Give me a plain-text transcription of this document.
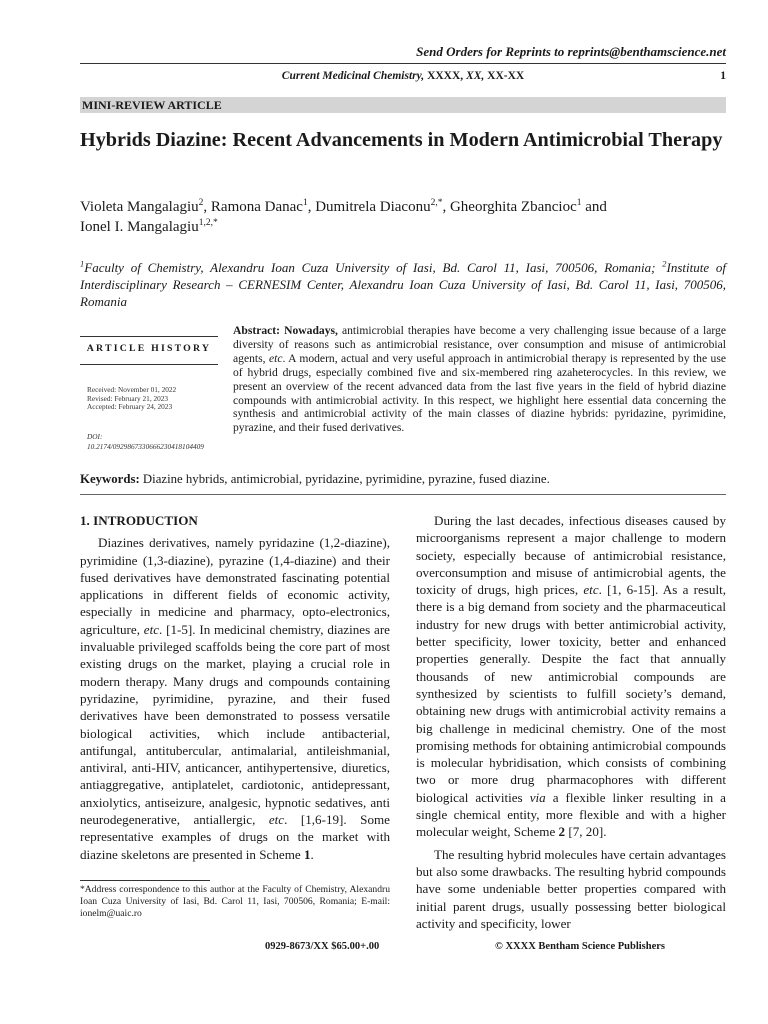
Send Orders for Reprints to reprints@benthamscience.net
Current Medicinal Chemistry, XXXX, XX, XX-XX	1
MINI-REVIEW ARTICLE
Hybrids Diazine: Recent Advancements in Modern Antimicrobial Therapy
Violeta Mangalagiu$^2$, Ramona Danac$^1$, Dumitrela Diaconu$^{2,*}$, Gheorghita Zbancioc$^1$ and
Ionel I. Mangalagiu$^{1,2,*}$
$^1$Faculty of Chemistry, Alexandru Ioan Cuza University of Iasi, Bd. Carol 11, Iasi, 700506, Romania; $^2$Institute of Interdisciplinary Research – CERNESIM Center, Alexandru Ioan Cuza University of Iasi, Bd. Carol 11, Iasi, 700506, Romania
ARTICLE HISTORY
Received: November 01, 2022
Revised: February 21, 2023
Accepted: February 24, 2023
DOI:
10.2174/0929867330666230418104409
Abstract: Nowadays, antimicrobial therapies have become a very challenging issue because of a large diversity of reasons such as antimicrobial resistance, over consumption and misuse of antimicrobial agents, etc. A modern, actual and very useful approach in antimicrobial therapy is represented by the use of hybrid drugs, especially combined five and six-membered ring azaheterocycles. In this review, we present an overview of the recent advanced data from the last five years in the field of hybrid diazine compounds with antimicrobial activity. In this respect, we highlight here essential data concerning the synthesis and antimicrobial activity of the main classes of diazine hybrids: pyridazine, pyrimidine, pyrazine, and their fused derivatives.
Keywords: Diazine hybrids, antimicrobial, pyridazine, pyrimidine, pyrazine, fused diazine.
1. INTRODUCTION

Diazines derivatives, namely pyridazine (1,2-diazine), pyrimidine (1,3-diazine), pyrazine (1,4-diazine) and their fused derivatives have demonstrated fascinating potential applications in different fields of economic activity, especially in medicine and pharmacy, opto-electronics, agriculture, etc. [1-5]. In medicinal chemistry, diazines are invaluable privileged scaffolds being the core part of most existing drugs on the market, playing a crucial role in modern therapy. Many drugs and compounds containing pyridazine, pyrimidine, pyrazine, and their fused derivatives have been demonstrated to possess versatile biological activities, which include antibacterial, antifungal, antitubercular, antimalarial, antileishmanial, antiviral, anti-HIV, anticancer, antihypertensive, diuretics, antiaggregative, antiplatelet, cardiotonic, antidepressant, anxiolytics, antiseizure, analgesic, hypnotic sedatives, anti neurodegenerative, antiallergic, etc. [1,6-19]. Some representative examples of drugs on the market with diazine skeletons are presented in Scheme 1.

During the last decades, infectious diseases caused by microorganisms represent a major challenge to modern society, especially because of antimicrobial resistance, overconsumption and misuse of antimicrobial agents, the toxicity of drugs, high prices, etc. [1, 6-15]. As a result, there is a big demand from society and the pharmaceutical industry for new drugs with better antimicrobial activity, better specificity, lower toxicity, better and enhanced properties generally. Despite the fact that annually thousands of new antimicrobial compounds are synthesized by scientists to fulfill society’s demand, obtaining new drugs with antimicrobial activity remains a big challenge in medicinal chemistry. One of the most promising methods for obtaining antimicrobial compounds is molecular hybridisation, which consists of combining two or more drug pharmacophores with different biological activities via a flexible linker resulting in a single chemical entity, more flexible and with a higher molecular weight, Scheme 2 [7, 20].

The resulting hybrid molecules have certain advantages but also some drawbacks. The resulting hybrid compounds have some undeniable better properties compared with initial parent drugs, usually possessing better biological activity and specificity, lower

*Address correspondence to this author at the Faculty of Chemistry, Alexandru Ioan Cuza University of Iasi, Bd. Carol 11, Iasi, 700506, Romania; E-mail: ionelm@uaic.ro
0929-8673/XX $65.00+.00	© XXXX Bentham Science Publishers
